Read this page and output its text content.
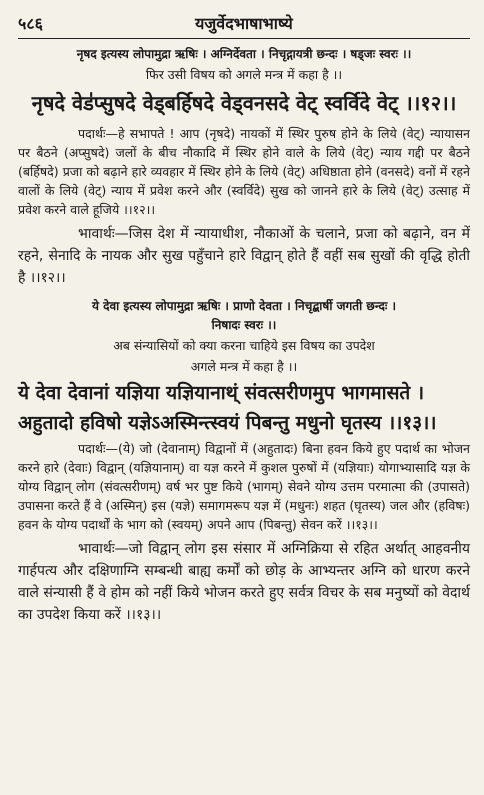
५८६	यजुर्वेदभाषाभाष्ये
नृषद इत्यस्य लोपामुद्रा ऋषिः । अग्निर्देवता । निचृद्गायत्री छन्दः । षड्जः स्वरः ।।
फिर उसी विषय को अगले मन्त्र में कहा है ।।
नृषदे वेड॑प्सुषदे वेड्बर्हिषदे वेड्वनसदे वेट् स्वर्विदे वेट् ।।१२।।
पदार्थः—हे सभापते ! आप (नृषदे) नायकों में स्थिर पुरुष होने के लिये (वेट्) न्यायासन पर बैठने (अप्सुषदे) जलों के बीच नौकादि में स्थिर होने वाले के लिये (वेट्) न्याय गद्दी पर बैठने (बर्हिषदे) प्रजा को बढ़ाने हारे व्यवहार में स्थिर होने के लिये (वेट्) अधिष्ठाता होने (वनसदे) वनों में रहने वालों के लिये (वेट्) न्याय में प्रवेश करने और (स्वर्विदे) सुख को जानने हारे के लिये (वेट्) उत्साह में प्रवेश करने वाले हूजिये ।।१२।।
भावार्थः—जिस देश में न्यायाधीश, नौकाओं के चलाने, प्रजा को बढ़ाने, वन में रहने, सेनादि के नायक और सुख पहुँचाने हारे विद्वान् होते हैं वहीं सब सुखों की वृद्धि होती है ।।१२।।
ये देवा इत्यस्य लोपामुद्रा ऋषिः । प्राणो देवता । निचृद्बार्षी जगती छन्दः ।
निषादः स्वरः ।।
अब संन्यासियों को क्या करना चाहिये इस विषय का उपदेश
अगले मन्त्र में कहा है ।।
ये देवा देवानां यज्ञिया यज्ञियानाथ्ं संवत्सरीणमुप भागमासते ।
अहुतादो हविषो यज्ञेऽअस्मिन्त्स्वयं पिबन्तु मधुनो घृतस्य ।।१३।।
पदार्थः—(ये) जो (देवानाम्) विद्वानों में (अहुतादः) बिना हवन किये हुए पदार्थ का भोजन करने हारे (देवाः) विद्वान् (यज्ञियानाम्) वा यज्ञ करने में कुशल पुरुषों में (यज्ञियाः) योगाभ्यासादि यज्ञ के योग्य विद्वान् लोग (संवत्सरीणम्) वर्ष भर पुष्ट किये (भागम्) सेवने योग्य उत्तम परमात्मा की (उपासते) उपासना करते हैं वे (अस्मिन्) इस (यज्ञे) समागमरूप यज्ञ में (मधुनः) शहत (घृतस्य) जल और (हविषः) हवन के योग्य पदार्थों के भाग को (स्वयम्) अपने आप (पिबन्तु) सेवन करें ।।१३।।
भावार्थः—जो विद्वान् लोग इस संसार में अग्निक्रिया से रहित अर्थात् आहवनीय गार्हपत्य और दक्षिणाग्नि सम्बन्धी बाह्य कर्मों को छोड़ के आभ्यन्तर अग्नि को धारण करने वाले संन्यासी हैं वे होम को नहीं किये भोजन करते हुए सर्वत्र विचर के सब मनुष्यों को वेदार्थ का उपदेश किया करें ।।१३।।
